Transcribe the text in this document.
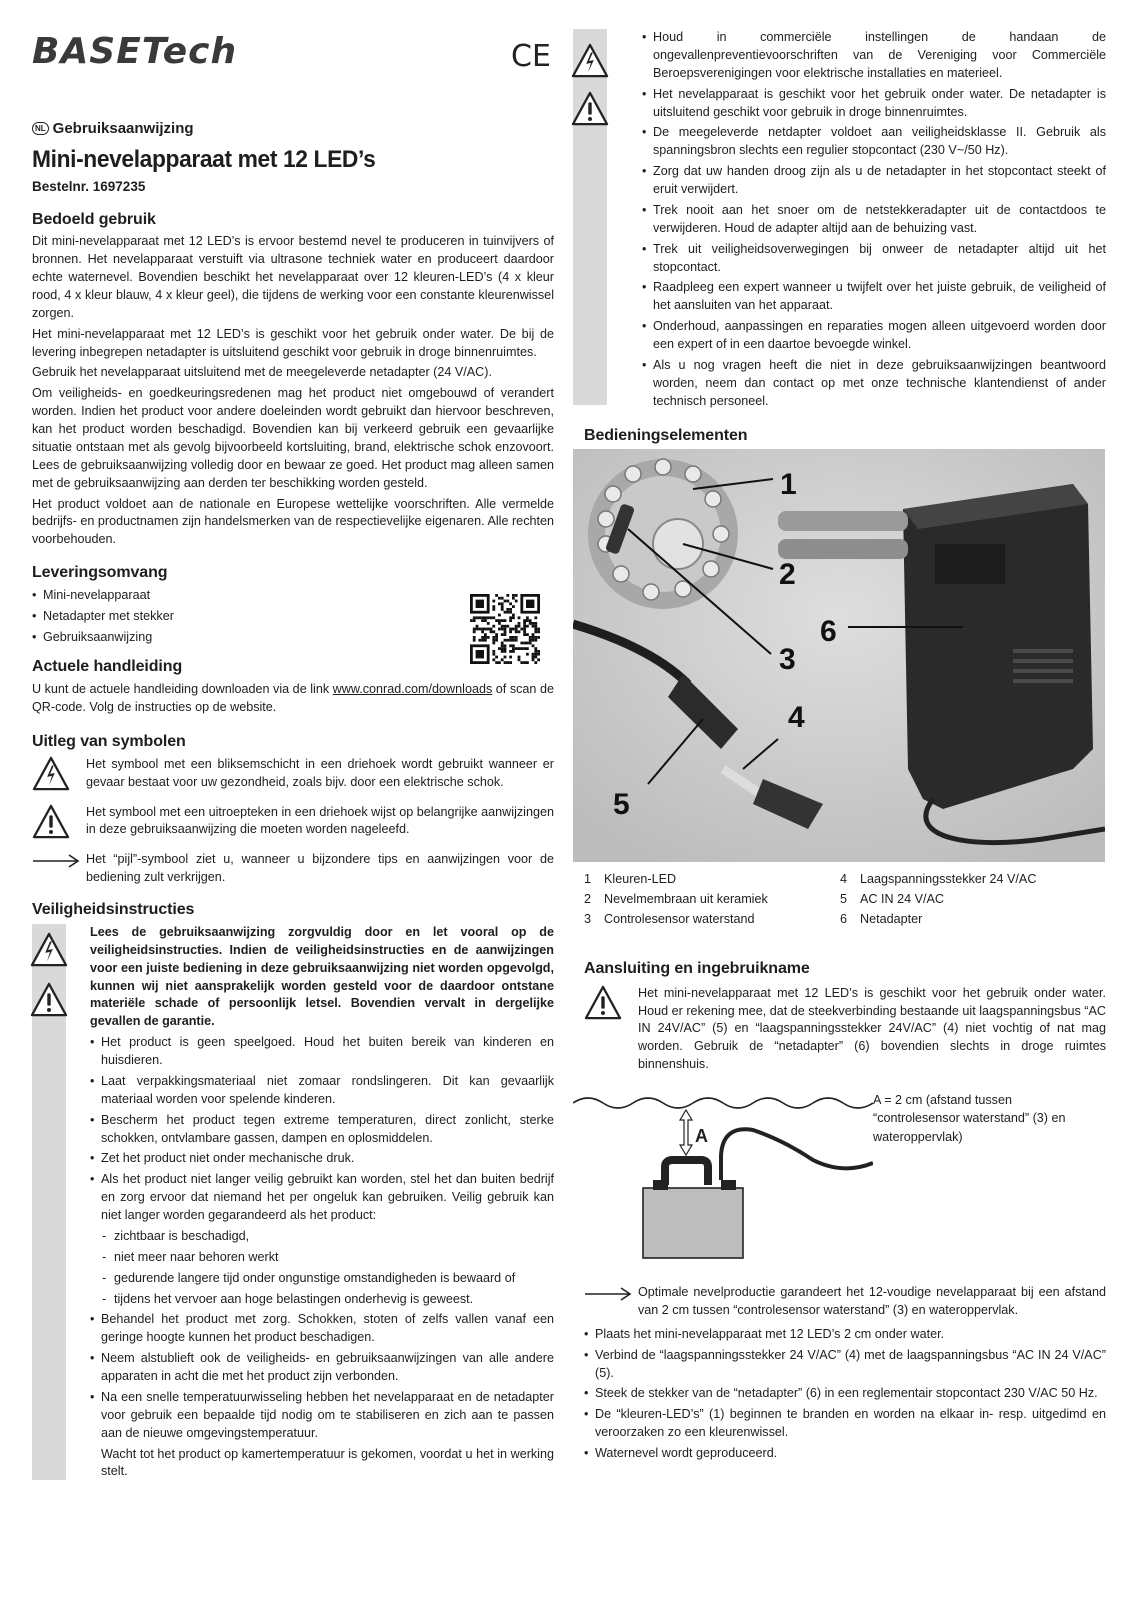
BASETech	CE
NL Gebruiksaanwijzing
Mini-nevelapparaat met 12 LED’s
Bestelnr. 1697235
Bedoeld gebruik

Dit mini-nevelapparaat met 12 LED’s is ervoor bestemd nevel te produceren in tuinvijvers of bronnen. Het nevelapparaat verstuift via ultrasone techniek water en produceert daardoor echte waternevel. Bovendien beschikt het nevelapparaat over 12 kleuren-LED’s (4 x kleur rood, 4 x kleur blauw, 4 x kleur geel), die tijdens de werking voor een constante kleurenwissel zorgen.

Het mini-nevelapparaat met 12 LED’s is geschikt voor het gebruik onder water. De bij de levering inbegrepen netadapter is uitsluitend geschikt voor gebruik in droge binnenruimtes.

Gebruik het nevelapparaat uitsluitend met de meegeleverde netadapter (24 V/AC).

Om veiligheids- en goedkeuringsredenen mag het product niet omgebouwd of verandert worden. Indien het product voor andere doeleinden wordt gebruikt dan hiervoor beschreven, kan het product worden beschadigd. Bovendien kan bij verkeerd gebruik een gevaarlijke situatie ontstaan met als gevolg bijvoorbeeld kortsluiting, brand, elektrische schok enzovoort. Lees de gebruiksaanwijzing volledig door en bewaar ze goed. Het product mag alleen samen met de gebruiksaanwijzing aan derden ter beschikking worden gesteld.

Het product voldoet aan de nationale en Europese wettelijke voorschriften. Alle vermelde bedrijfs- en productnamen zijn handelsmerken van de respectievelijke eigenaren. Alle rechten voorbehouden.

Leveringsomvang
• Mini-nevelapparaat
• Netadapter met stekker
• Gebruiksaanwijzing
Actuele handleiding

U kunt de actuele handleiding downloaden via de link www.conrad.com/downloads of scan de QR-code. Volg de instructies op de website.

Uitleg van symbolen
Het symbool met een bliksemschicht in een driehoek wordt gebruikt wanneer er gevaar bestaat voor uw gezondheid, zoals bijv. door een elektrische schok.
Het symbool met een uitroepteken in een driehoek wijst op belangrijke aanwijzingen in deze gebruiksaanwijzing die moeten worden nageleefd.
Het “pijl”-symbool ziet u, wanneer u bijzondere tips en aanwijzingen voor de bediening zult verkrijgen.
Veiligheidsinstructies

Lees de gebruiksaanwijzing zorgvuldig door en let vooral op de veiligheidsinstructies. Indien de veiligheidsinstructies en de aanwijzingen voor een juiste bediening in deze gebruiksaanwijzing niet worden opgevolgd, kunnen wij niet aansprakelijk worden gesteld voor de daardoor ontstane materiële schade of persoonlijk letsel. Bovendien vervalt in dergelijke gevallen de garantie.

• Het product is geen speelgoed. Houd het buiten bereik van kinderen en huisdieren.
• Laat verpakkingsmateriaal niet zomaar rondslingeren. Dit kan gevaarlijk materiaal worden voor spelende kinderen.
• Bescherm het product tegen extreme temperaturen, direct zonlicht, sterke schokken, ontvlambare gassen, dampen en oplosmiddelen.
• Zet het product niet onder mechanische druk.
• Als het product niet langer veilig gebruikt kan worden, stel het dan buiten bedrijf en zorg ervoor dat niemand het per ongeluk kan gebruiken. Veilig gebruik kan niet langer worden gegarandeerd als het product:
- zichtbaar is beschadigd,
- niet meer naar behoren werkt
- gedurende langere tijd onder ongunstige omstandigheden is bewaard of
- tijdens het vervoer aan hoge belastingen onderhevig is geweest.
• Behandel het product met zorg. Schokken, stoten of zelfs vallen vanaf een geringe hoogte kunnen het product beschadigen.
• Neem alstublieft ook de veiligheids- en gebruiksaanwijzingen van alle andere apparaten in acht die met het product zijn verbonden.
• Na een snelle temperatuurwisseling hebben het nevelapparaat en de netadapter voor gebruik een bepaalde tijd nodig om te stabiliseren en zich aan te passen aan de nieuwe omgevingstemperatuur.

Wacht tot het product op kamertemperatuur is gekomen, voordat u het in werking stelt.

• Houd in commerciële instellingen de handaan de ongevallenpreventievoorschriften van de Vereniging voor Commerciële Beroepsverenigingen voor elektrische installaties en materieel.
• Het nevelapparaat is geschikt voor het gebruik onder water. De netadapter is uitsluitend geschikt voor gebruik in droge binnenruimtes.
• De meegeleverde netdapter voldoet aan veiligheidsklasse II. Gebruik als spanningsbron slechts een regulier stopcontact (230 V~/50 Hz).
• Zorg dat uw handen droog zijn als u de netadapter in het stopcontact steekt of eruit verwijdert.
• Trek nooit aan het snoer om de netstekkeradapter uit de contactdoos te verwijderen. Houd de adapter altijd aan de behuizing vast.
• Trek uit veiligheidsoverwegingen bij onweer de netadapter altijd uit het stopcontact.
• Raadpleeg een expert wanneer u twijfelt over het juiste gebruik, de veiligheid of het aansluiten van het apparaat.
• Onderhoud, aanpassingen en reparaties mogen alleen uitgevoerd worden door een expert of in een daartoe bevoegde winkel.
• Als u nog vragen heeft die niet in deze gebruiksaanwijzingen beantwoord worden, neem dan contact op met onze technische klantendienst of ander technisch personeel.
Bedieningselementen
1
2
3
4
5
6
1 Kleuren-LED	4 Laagspanningsstekker 24 V/AC
2 Nevelmembraan uit keramiek	5 AC IN 24 V/AC
3 Controlesensor waterstand	6 Netadapter
Aansluiting en ingebruikname
Het mini-nevelapparaat met 12 LED’s is geschikt voor het gebruik onder water. Houd er rekening mee, dat de steekverbinding bestaande uit laagspanningsbus “AC IN 24V/AC” (5) en “laagspanningsstekker 24V/AC” (4) niet vochtig of nat mag worden. Gebruik de “netadapter” (6) bovendien slechts in droge ruimtes binnenshuis.
A
A = 2 cm (afstand tussen “controlesensor waterstand” (3) en wateroppervlak)
Optimale nevelproductie garandeert het 12-voudige nevelapparaat bij een afstand van 2 cm tussen “controlesensor waterstand” (3) en wateroppervlak.
• Plaats het mini-nevelapparaat met 12 LED’s 2 cm onder water.
• Verbind de “laagspanningsstekker 24 V/AC” (4) met de laagspanningsbus “AC IN 24 V/AC” (5).
• Steek de stekker van de “netadapter” (6) in een reglementair stopcontact 230 V/AC 50 Hz.
• De “kleuren-LED’s” (1) beginnen te branden en worden na elkaar in- resp. uitgedimd en veroorzaken zo een kleurenwissel.
• Waternevel wordt geproduceerd.
